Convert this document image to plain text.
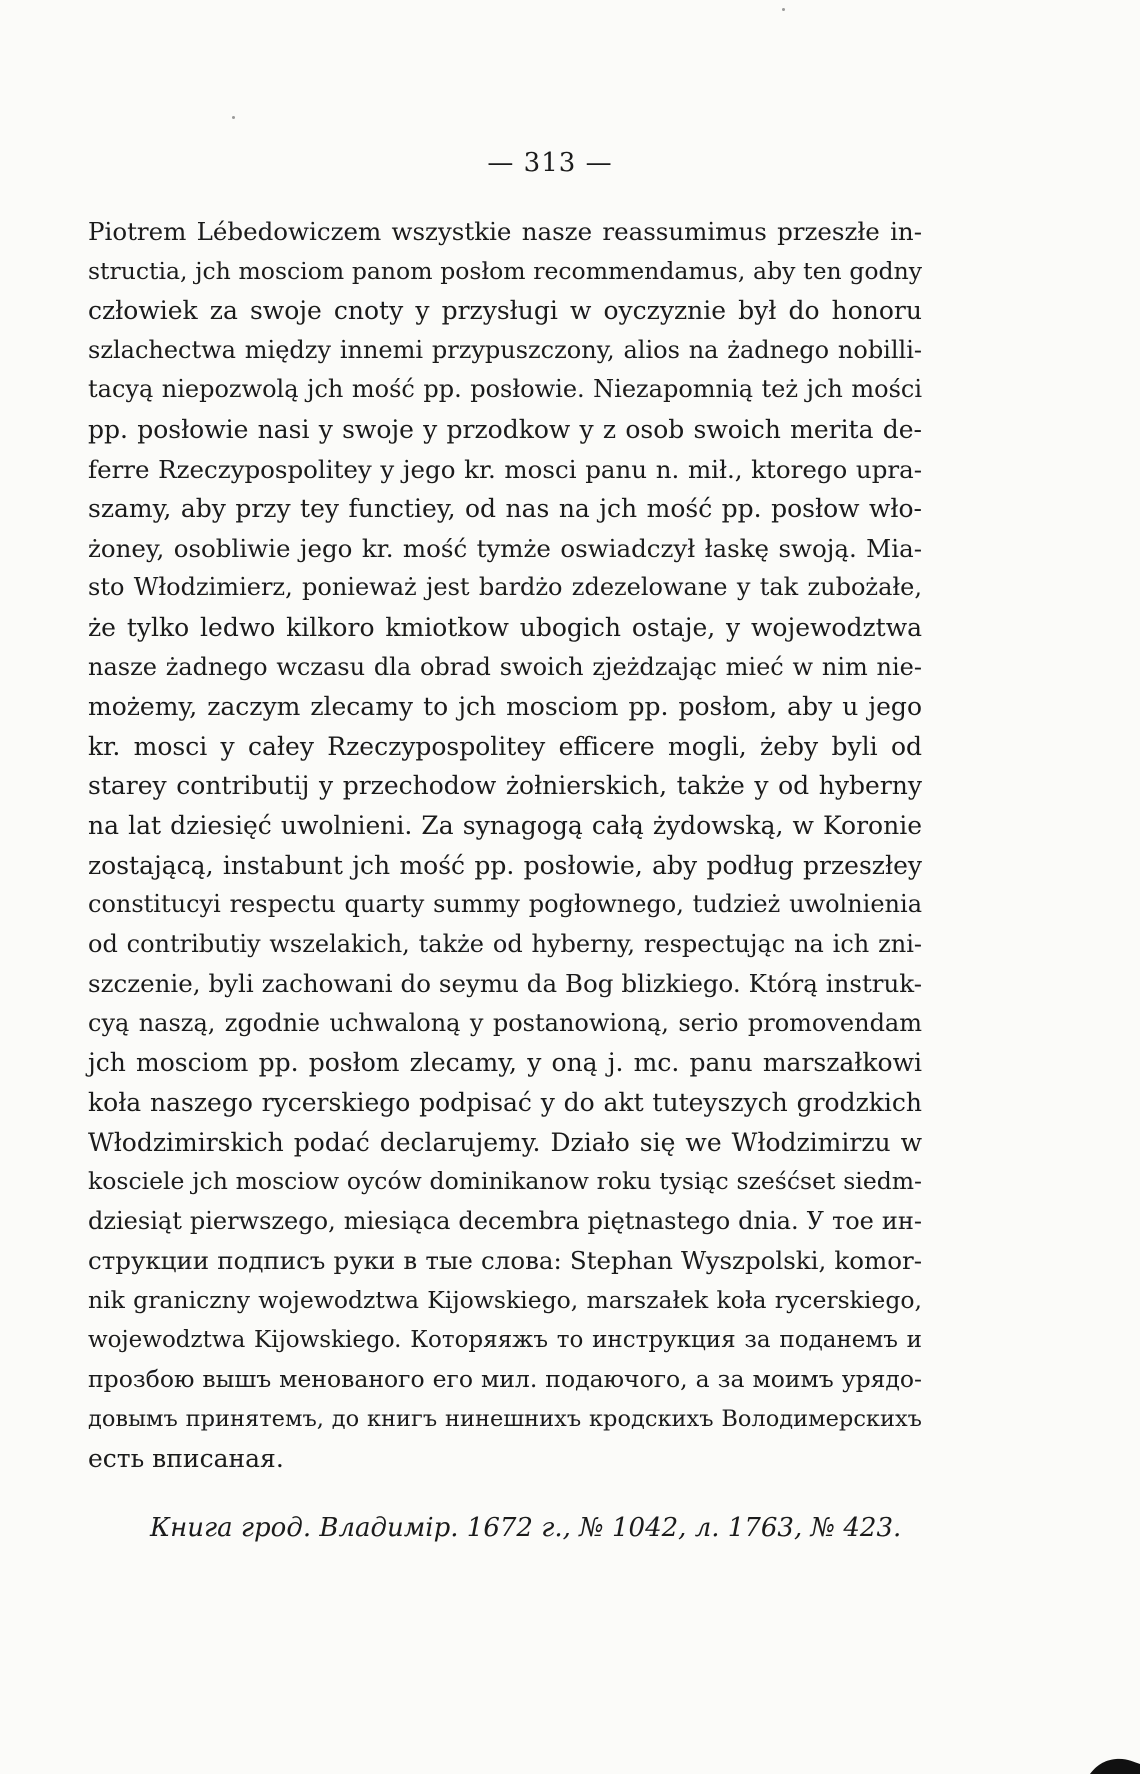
— 313 —
Piotrem Lébedowiczem wszystkie nasze reassumimus przeszłe in-
structia, jch mosciom panom posłom recommendamus, aby ten godny
człowiek za swoje cnoty y przysługi w oyczyznie był do honoru
szlachectwa między innemi przypuszczony, alios na żadnego nobilli-
tacyą niepozwolą jch mość pp. posłowie. Niezapomnią też jch mości
pp. posłowie nasi y swoje y przodkow y z osob swoich merita de-
ferre Rzeczypospolitey y jego kr. mosci panu n. mił., ktorego upra-
szamy, aby przy tey functiey, od nas na jch mość pp. posłow wło-
żoney, osobliwie jego kr. mość tymże oswiadczył łaskę swoją. Mia-
sto Włodzimierz, ponieważ jest bardżo zdezelowane y tak zubożałe,
że tylko ledwo kilkoro kmiotkow ubogich ostaje, y wojewodztwa
nasze żadnego wczasu dla obrad swoich zjeżdzając mieć w nim nie-
możemy, zaczym zlecamy to jch mosciom pp. posłom, aby u jego
kr. mosci y całey Rzeczypospolitey efficere mogli, żeby byli od
starey contributij y przechodow żołnierskich, także y od hyberny
na lat dziesięć uwolnieni. Za synagogą całą żydowską, w Koronie
zostającą, instabunt jch mość pp. posłowie, aby podług przeszłey
constitucyi respectu quarty summy pogłownego, tudzież uwolnienia
od contributiy wszelakich, także od hyberny, respectując na ich zni-
szczenie, byli zachowani do seymu da Bog blizkiego. Którą instruk-
cyą naszą, zgodnie uchwaloną y postanowioną, serio promovendam
jch mosciom pp. posłom zlecamy, y oną j. mc. panu marszałkowi
koła naszego rycerskiego podpisać y do akt tuteyszych grodzkich
Włodzimirskich podać declarujemy. Działo się we Włodzimirzu w
kosciele jch mosciow oyców dominikanow roku tysiąc sześćset siedm-
dziesiąt pierwszego, miesiąca decembra piętnastego dnia. У тое ин-
струкции подписъ руки в тые слова: Stephan Wyszpolski, komor-
nik graniczny wojewodztwa Kijowskiego, marszałek koła rycerskiego,
wojewodztwa Kijowskiego. Которяяжъ то инструкция за поданемъ и
прозбою вышъ менованого его мил. подаючого, а за моимъ урядо-
довымъ принятемъ, до книгъ нинешнихъ кродскихъ Володимерскихъ
есть вписаная.
Книга грод. Владимір. 1672 г., № 1042, л. 1763, № 423.
